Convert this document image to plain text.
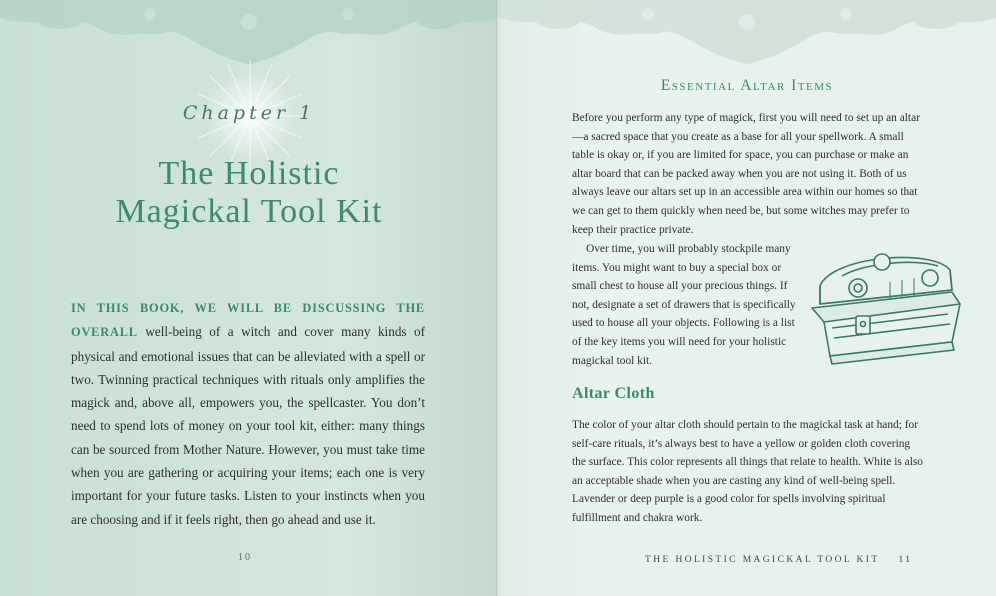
Chapter 1
The Holistic
Magickal Tool Kit
IN THIS BOOK, WE WILL BE DISCUSSING THE OVERALL well-being of a witch and cover many kinds of physical and emotional issues that can be alleviated with a spell or two. Twinning practical techniques with rituals only amplifies the magick and, above all, empowers you, the spellcaster. You don’t need to spend lots of money on your tool kit, either: many things can be sourced from Mother Nature. However, you must take time when you are gathering or acquiring your items; each one is very important for your future tasks. Listen to your instincts when you are choosing and if it feels right, then go ahead and use it.
10
Essential Altar Items
Before you perform any type of magick, first you will need to set up an altar—a sacred space that you create as a base for all your spellwork. A small table is okay or, if you are limited for space, you can purchase or make an altar board that can be packed away when you are not using it. Both of us always leave our altars set up in an accessible area within our homes so that we can get to them quickly when need be, but some witches may prefer to keep their practice private.
Over time, you will probably stockpile many items. You might want to buy a special box or small chest to house all your precious things. If not, designate a set of drawers that is specifically used to house all your objects. Following is a list of the key items you will need for your holistic magickal tool kit.
Altar Cloth
The color of your altar cloth should pertain to the magickal task at hand; for self-care rituals, it’s always best to have a yellow or golden cloth covering the surface. This color represents all things that relate to health. White is also an acceptable shade when you are casting any kind of well-being spell. Lavender or deep purple is a good color for spells involving spiritual fulfillment and chakra work.
THE HOLISTIC MAGICKAL TOOL KIT 11
